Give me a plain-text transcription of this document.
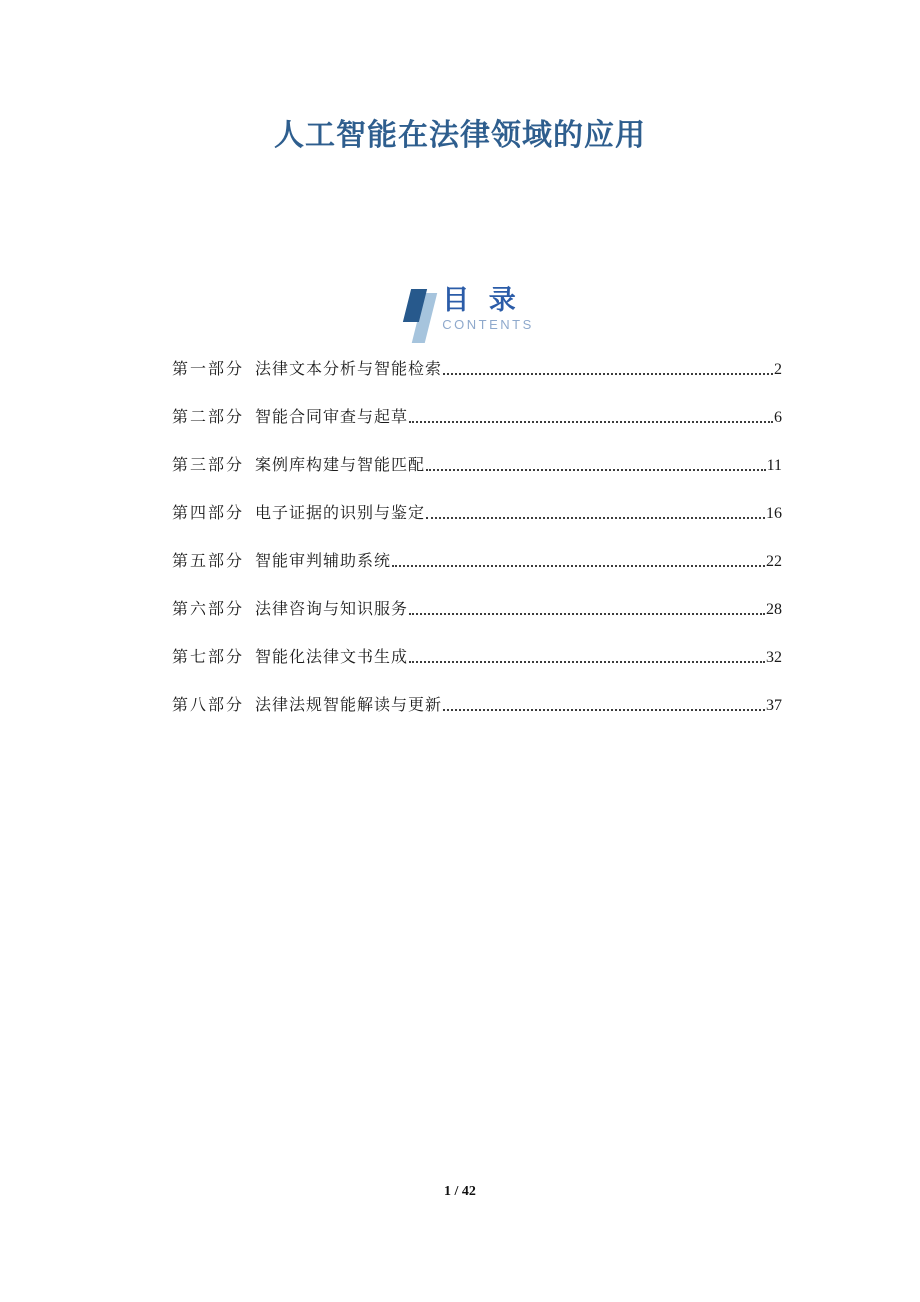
人工智能在法律领域的应用
目 录
CONTENTS
第一部分 法律文本分析与智能检索	2
第二部分 智能合同审查与起草	6
第三部分 案例库构建与智能匹配	11
第四部分 电子证据的识别与鉴定	16
第五部分 智能审判辅助系统	22
第六部分 法律咨询与知识服务	28
第七部分 智能化法律文书生成	32
第八部分 法律法规智能解读与更新	37
1 / 42
